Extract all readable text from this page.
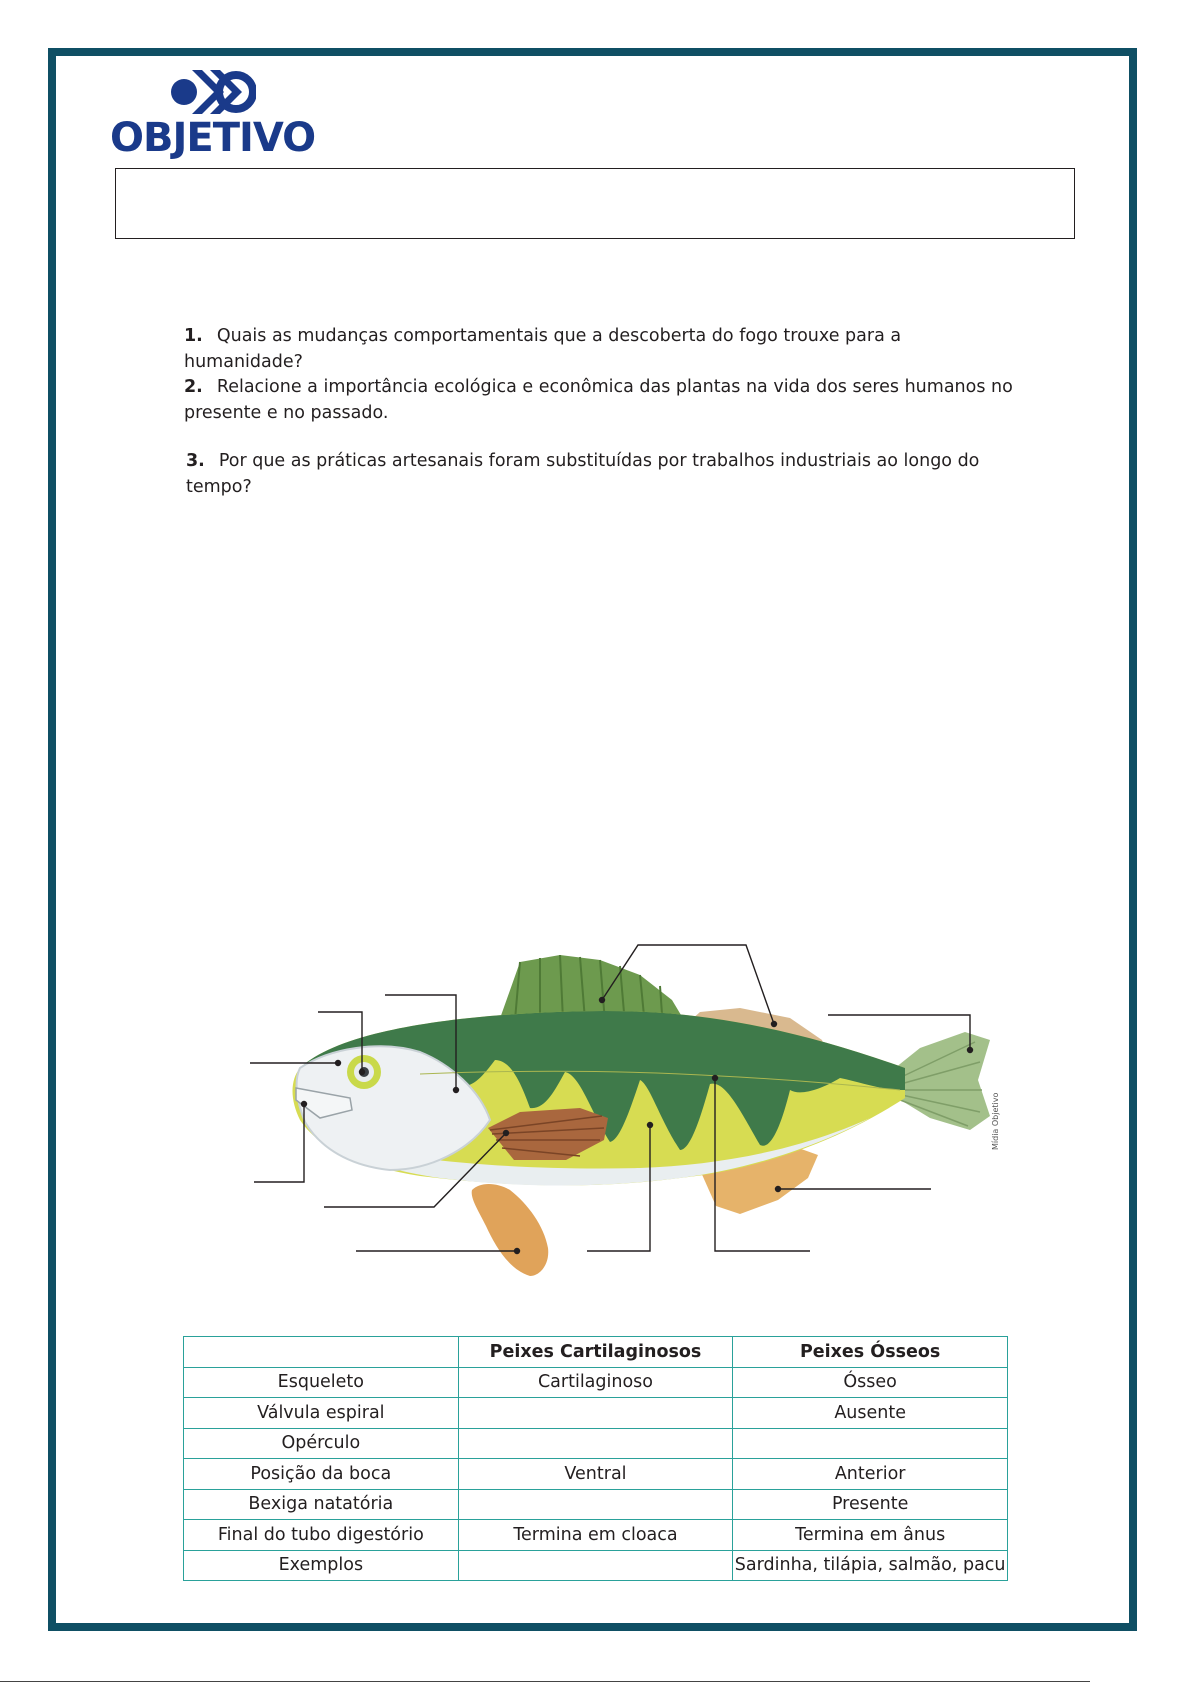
OBJETIVO
1. Quais as mudanças comportamentais que a descoberta do fogo trouxe para a humanidade?
2. Relacione a importância ecológica e econômica das plantas na vida dos seres humanos no presente e no passado.
3. Por que as práticas artesanais foram substituídas por trabalhos industriais ao longo do tempo?
Mídia Objetivo
	Peixes Cartilaginosos	Peixes Ósseos
Esqueleto	Cartilaginoso	Ósseo
Válvula espiral		Ausente
Opérculo		
Posição da boca	Ventral	Anterior
Bexiga natatória		Presente
Final do tubo digestório	Termina em cloaca	Termina em ânus
Exemplos		Sardinha, tilápia, salmão, pacu
